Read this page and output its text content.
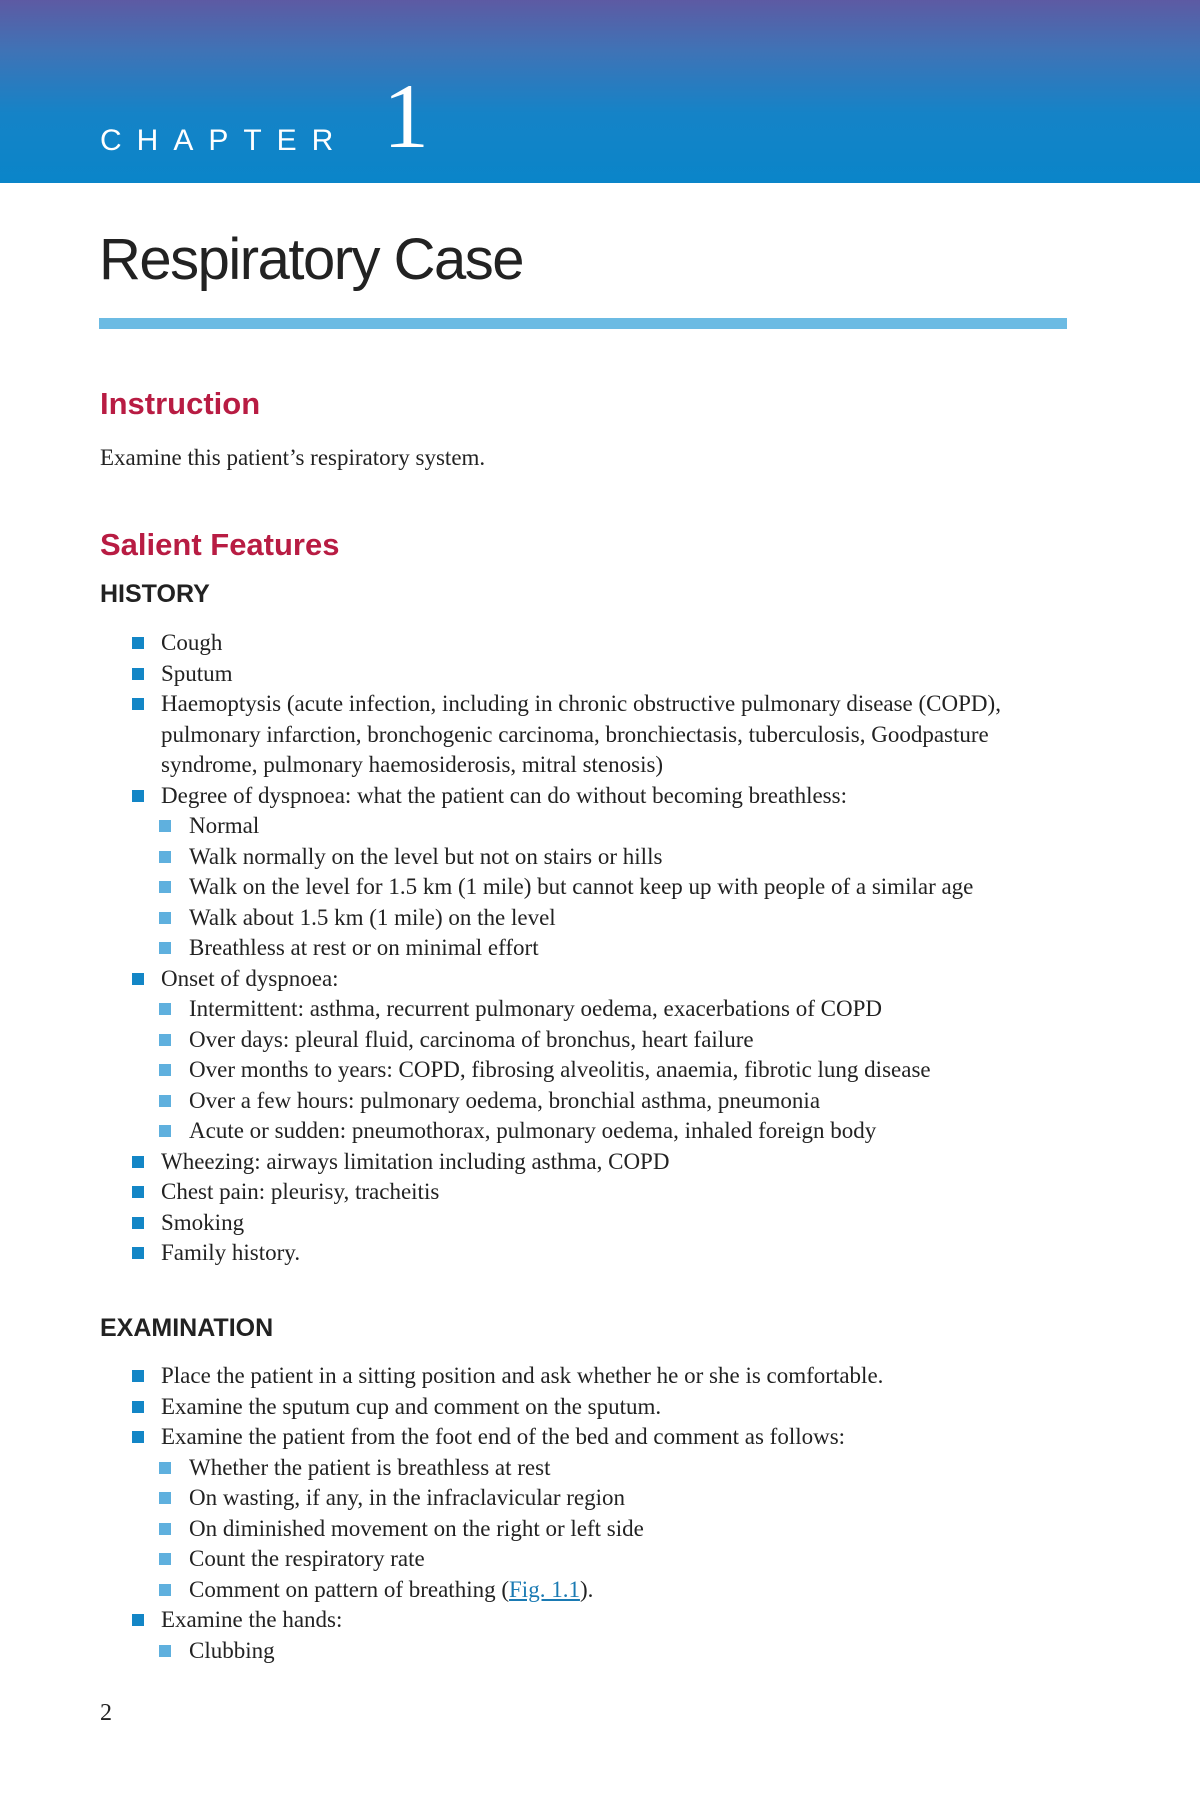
CHAPTER 1
Respiratory Case
Instruction
Examine this patient’s respiratory system.
Salient Features
HISTORY
Cough
Sputum
Haemoptysis (acute infection, including in chronic obstructive pulmonary disease (COPD), pulmonary infarction, bronchogenic carcinoma, bronchiectasis, tuberculosis, Goodpasture syndrome, pulmonary haemosiderosis, mitral stenosis)
Degree of dyspnoea: what the patient can do without becoming breathless:
Normal
Walk normally on the level but not on stairs or hills
Walk on the level for 1.5 km (1 mile) but cannot keep up with people of a similar age
Walk about 1.5 km (1 mile) on the level
Breathless at rest or on minimal effort
Onset of dyspnoea:
Intermittent: asthma, recurrent pulmonary oedema, exacerbations of COPD
Over days: pleural fluid, carcinoma of bronchus, heart failure
Over months to years: COPD, fibrosing alveolitis, anaemia, fibrotic lung disease
Over a few hours: pulmonary oedema, bronchial asthma, pneumonia
Acute or sudden: pneumothorax, pulmonary oedema, inhaled foreign body
Wheezing: airways limitation including asthma, COPD
Chest pain: pleurisy, tracheitis
Smoking
Family history.
EXAMINATION
Place the patient in a sitting position and ask whether he or she is comfortable.
Examine the sputum cup and comment on the sputum.
Examine the patient from the foot end of the bed and comment as follows:
Whether the patient is breathless at rest
On wasting, if any, in the infraclavicular region
On diminished movement on the right or left side
Count the respiratory rate
Comment on pattern of breathing (Fig. 1.1).
Examine the hands:
Clubbing
2
